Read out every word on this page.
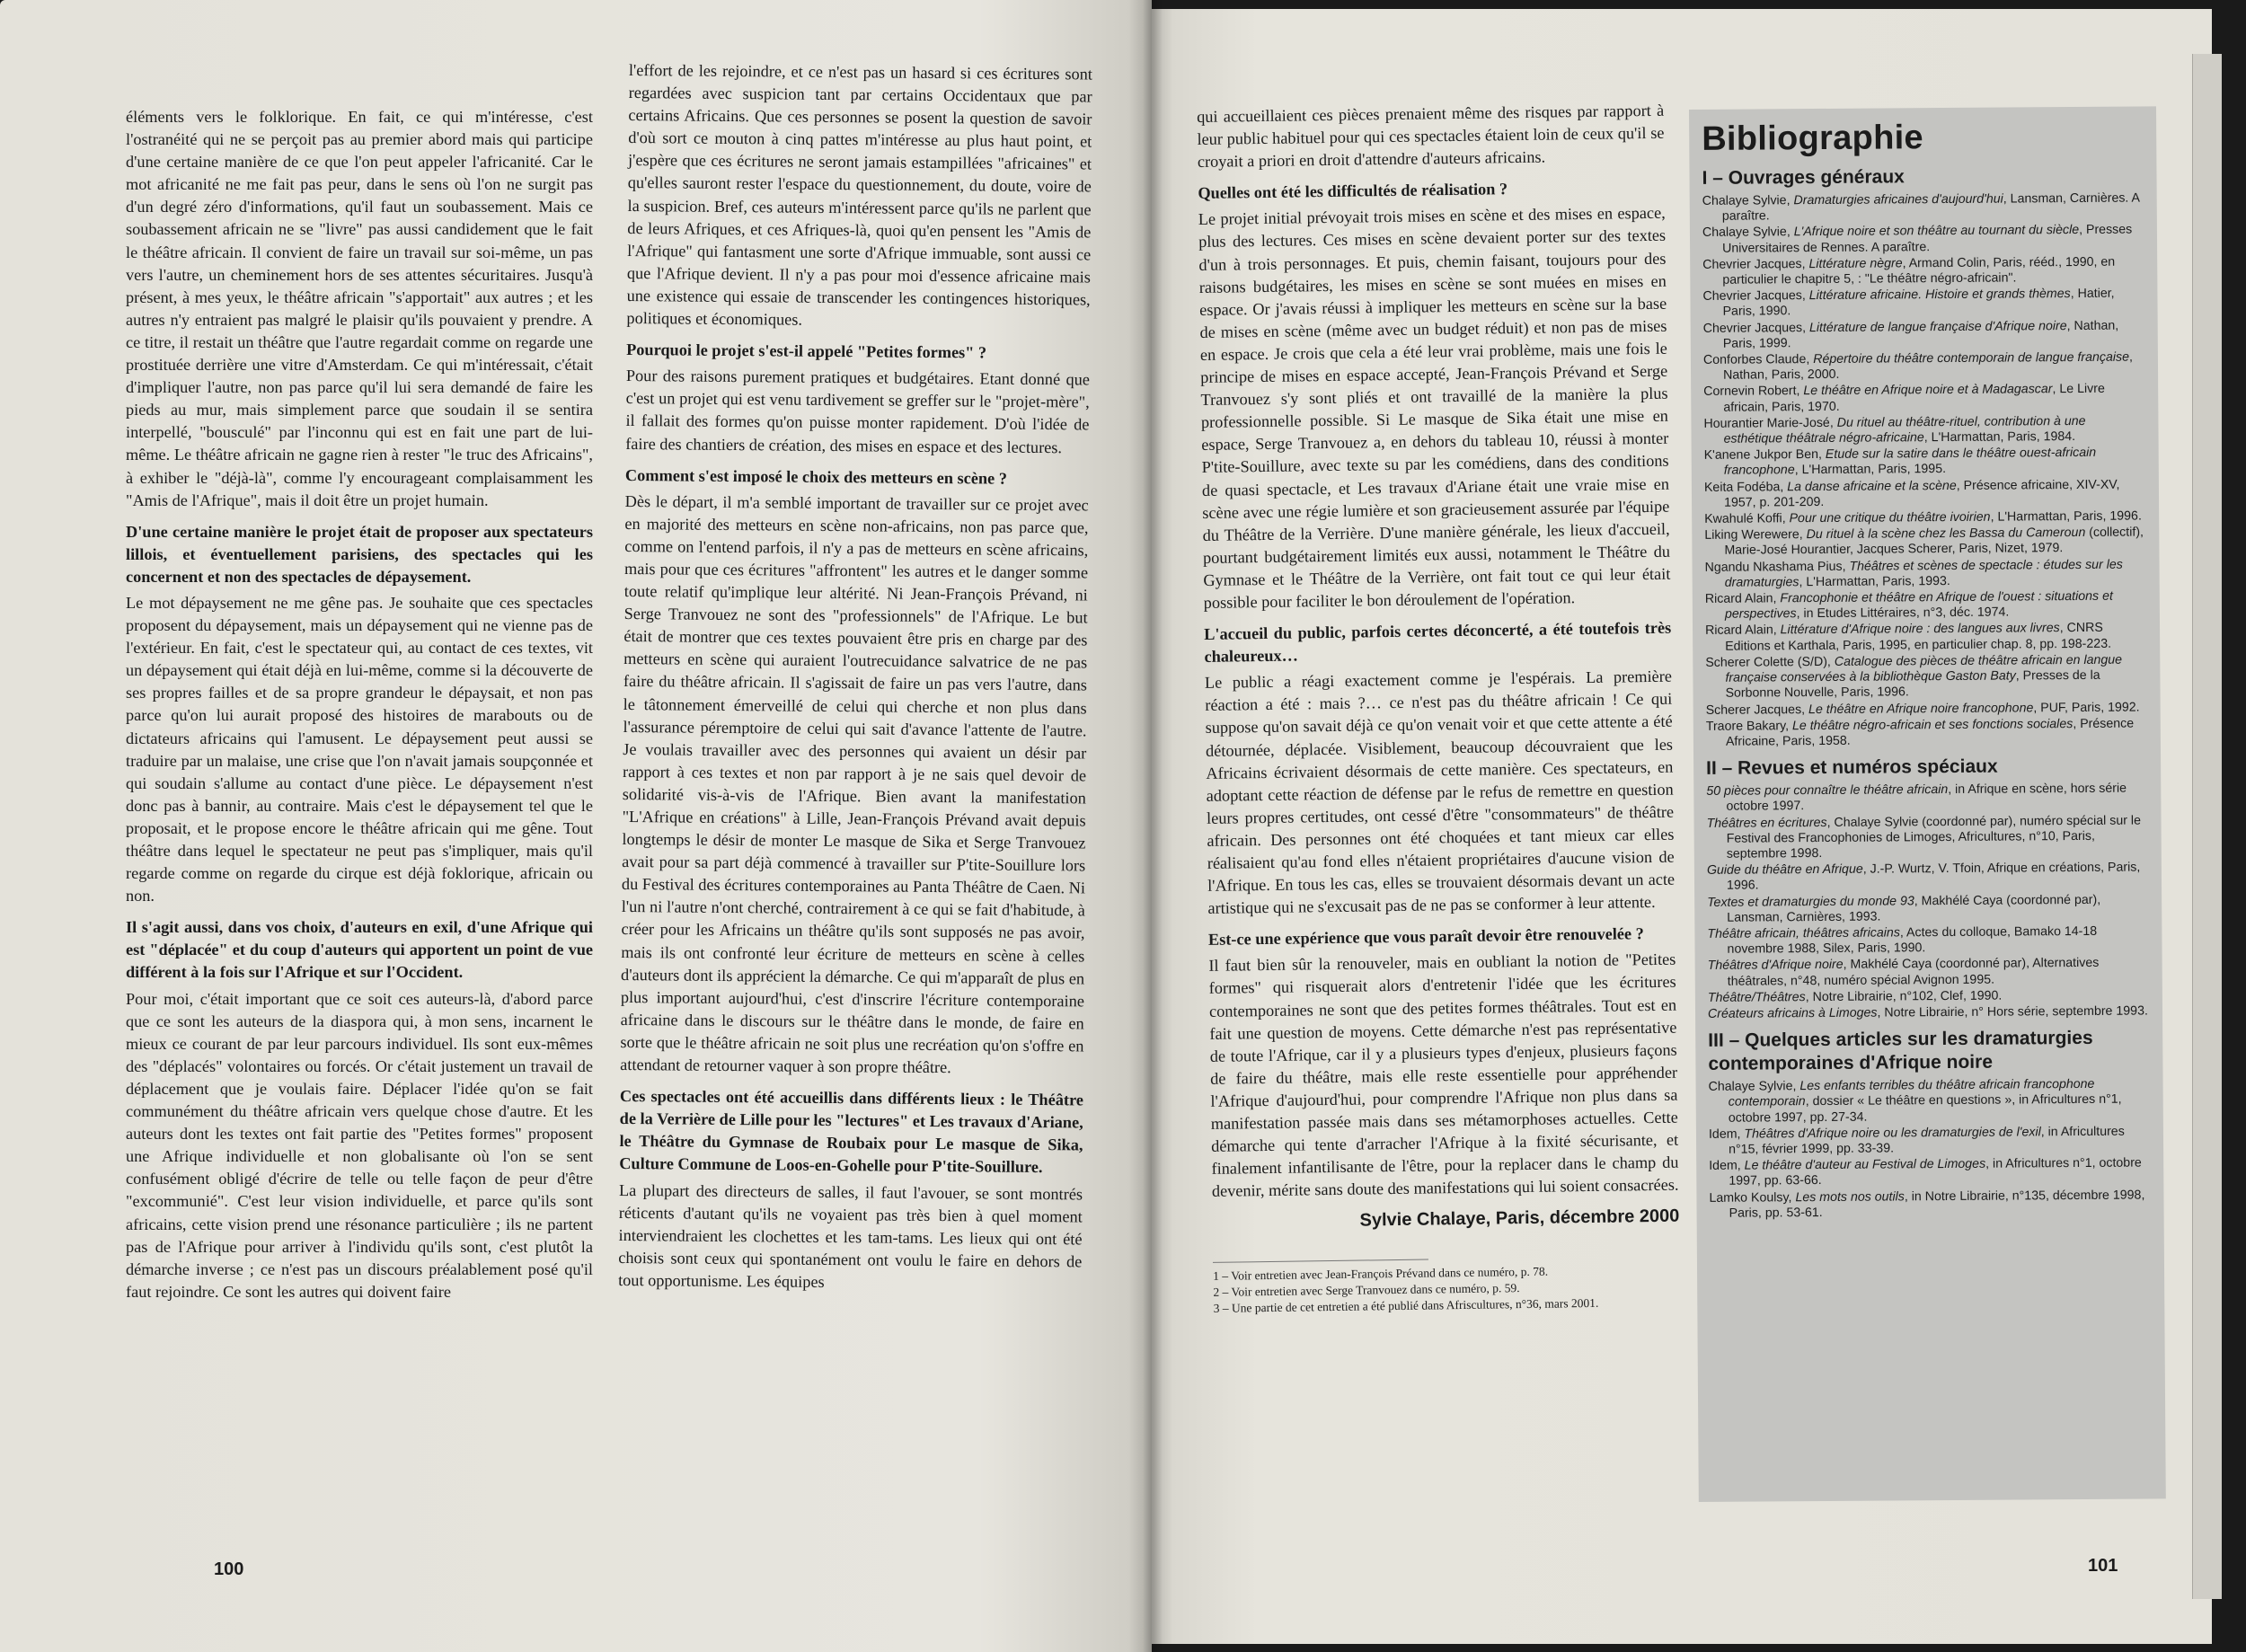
éléments vers le folklorique. En fait, ce qui m'intéresse, c'est l'ostranéité qui ne se perçoit pas au premier abord mais qui participe d'une certaine manière de ce que l'on peut appeler l'africanité. Car le mot africanité ne me fait pas peur, dans le sens où l'on ne surgit pas d'un degré zéro d'informations, qu'il faut un soubassement. Mais ce soubassement africain ne se "livre" pas aussi candidement que le fait le théâtre africain. Il convient de faire un travail sur soi-même, un pas vers l'autre, un cheminement hors de ses attentes sécuritaires. Jusqu'à présent, à mes yeux, le théâtre africain "s'apportait" aux autres ; et les autres n'y entraient pas malgré le plaisir qu'ils pouvaient y prendre. A ce titre, il restait un théâtre que l'autre regardait comme on regarde une prostituée derrière une vitre d'Amsterdam. Ce qui m'intéressait, c'était d'impliquer l'autre, non pas parce qu'il lui sera demandé de faire les pieds au mur, mais simplement parce que soudain il se sentira interpellé, "bousculé" par l'inconnu qui est en fait une part de lui-même. Le théâtre africain ne gagne rien à rester "le truc des Africains", à exhiber le "déjà-là", comme l'y encourageant complaisamment les "Amis de l'Afrique", mais il doit être un projet humain.

D'une certaine manière le projet était de proposer aux spectateurs lillois, et éventuellement parisiens, des spectacles qui les concernent et non des spectacles de dépaysement.

Le mot dépaysement ne me gêne pas. Je souhaite que ces spectacles proposent du dépaysement, mais un dépaysement qui ne vienne pas de l'extérieur. En fait, c'est le spectateur qui, au contact de ces textes, vit un dépaysement qui était déjà en lui-même, comme si la découverte de ses propres failles et de sa propre grandeur le dépaysait, et non pas parce qu'on lui aurait proposé des histoires de marabouts ou de dictateurs africains qui l'amusent. Le dépaysement peut aussi se traduire par un malaise, une crise que l'on n'avait jamais soupçonnée et qui soudain s'allume au contact d'une pièce. Le dépaysement n'est donc pas à bannir, au contraire. Mais c'est le dépaysement tel que le proposait, et le propose encore le théâtre africain qui me gêne. Tout théâtre dans lequel le spectateur ne peut pas s'impliquer, mais qu'il regarde comme on regarde du cirque est déjà foklorique, africain ou non.

Il s'agit aussi, dans vos choix, d'auteurs en exil, d'une Afrique qui est "déplacée" et du coup d'auteurs qui apportent un point de vue différent à la fois sur l'Afrique et sur l'Occident.

Pour moi, c'était important que ce soit ces auteurs-là, d'abord parce que ce sont les auteurs de la diaspora qui, à mon sens, incarnent le mieux ce courant de par leur parcours individuel. Ils sont eux-mêmes des "déplacés" volontaires ou forcés. Or c'était justement un travail de déplacement que je voulais faire. Déplacer l'idée qu'on se fait communément du théâtre africain vers quelque chose d'autre. Et les auteurs dont les textes ont fait partie des "Petites formes" proposent une Afrique individuelle et non globalisante où l'on se sent confusément obligé d'écrire de telle ou telle façon de peur d'être "excommunié". C'est leur vision individuelle, et parce qu'ils sont africains, cette vision prend une résonance particulière ; ils ne partent pas de l'Afrique pour arriver à l'individu qu'ils sont, c'est plutôt la démarche inverse ; ce n'est pas un discours préalablement posé qu'il faut rejoindre. Ce sont les autres qui doivent faire

l'effort de les rejoindre, et ce n'est pas un hasard si ces écritures sont regardées avec suspicion tant par certains Occidentaux que par certains Africains. Que ces personnes se posent la question de savoir d'où sort ce mouton à cinq pattes m'intéresse au plus haut point, et j'espère que ces écritures ne seront jamais estampillées "africaines" et qu'elles sauront rester l'espace du questionnement, du doute, voire de la suspicion. Bref, ces auteurs m'intéressent parce qu'ils ne parlent que de leurs Afriques, et ces Afriques-là, quoi qu'en pensent les "Amis de l'Afrique" qui fantasment une sorte d'Afrique immuable, sont aussi ce que l'Afrique devient. Il n'y a pas pour moi d'essence africaine mais une existence qui essaie de transcender les contingences historiques, politiques et économiques.

Pourquoi le projet s'est-il appelé "Petites formes" ?

Pour des raisons purement pratiques et budgétaires. Etant donné que c'est un projet qui est venu tardivement se greffer sur le "projet-mère", il fallait des formes qu'on puisse monter rapidement. D'où l'idée de faire des chantiers de création, des mises en espace et des lectures.

Comment s'est imposé le choix des metteurs en scène ?

Dès le départ, il m'a semblé important de travailler sur ce projet avec en majorité des metteurs en scène non-africains, non pas parce que, comme on l'entend parfois, il n'y a pas de metteurs en scène africains, mais pour que ces écritures "affrontent" les autres et le danger somme toute relatif qu'implique leur altérité. Ni Jean-François Prévand, ni Serge Tranvouez ne sont des "professionnels" de l'Afrique. Le but était de montrer que ces textes pouvaient être pris en charge par des metteurs en scène qui auraient l'outrecuidance salvatrice de ne pas faire du théâtre africain. Il s'agissait de faire un pas vers l'autre, dans le tâtonnement émerveillé de celui qui cherche et non plus dans l'assurance péremptoire de celui qui sait d'avance l'attente de l'autre. Je voulais travailler avec des personnes qui avaient un désir par rapport à ces textes et non par rapport à je ne sais quel devoir de solidarité vis-à-vis de l'Afrique. Bien avant la manifestation "L'Afrique en créations" à Lille, Jean-François Prévand avait depuis longtemps le désir de monter Le masque de Sika et Serge Tranvouez avait pour sa part déjà commencé à travailler sur P'tite-Souillure lors du Festival des écritures contemporaines au Panta Théâtre de Caen. Ni l'un ni l'autre n'ont cherché, contrairement à ce qui se fait d'habitude, à créer pour les Africains un théâtre qu'ils sont supposés ne pas avoir, mais ils ont confronté leur écriture de metteurs en scène à celles d'auteurs dont ils apprécient la démarche. Ce qui m'apparaît de plus en plus important aujourd'hui, c'est d'inscrire l'écriture contemporaine africaine dans le discours sur le théâtre dans le monde, de faire en sorte que le théâtre africain ne soit plus une recréation qu'on s'offre en attendant de retourner vaquer à son propre théâtre.

Ces spectacles ont été accueillis dans différents lieux : le Théâtre de la Verrière de Lille pour les "lectures" et Les travaux d'Ariane, le Théâtre du Gymnase de Roubaix pour Le masque de Sika, Culture Commune de Loos-en-Gohelle pour P'tite-Souillure.

La plupart des directeurs de salles, il faut l'avouer, se sont montrés réticents d'autant qu'ils ne voyaient pas très bien à quel moment interviendraient les clochettes et les tam-tams. Les lieux qui ont été choisis sont ceux qui spontanément ont voulu le faire en dehors de tout opportunisme. Les équipes

100

qui accueillaient ces pièces prenaient même des risques par rapport à leur public habituel pour qui ces spectacles étaient loin de ceux qu'il se croyait a priori en droit d'attendre d'auteurs africains.

Quelles ont été les difficultés de réalisation ?

Le projet initial prévoyait trois mises en scène et des mises en espace, plus des lectures. Ces mises en scène devaient porter sur des textes d'un à trois personnages. Et puis, chemin faisant, toujours pour des raisons budgétaires, les mises en scène se sont muées en mises en espace. Or j'avais réussi à impliquer les metteurs en scène sur la base de mises en scène (même avec un budget réduit) et non pas de mises en espace. Je crois que cela a été leur vrai problème, mais une fois le principe de mises en espace accepté, Jean-François Prévand et Serge Tranvouez s'y sont pliés et ont travaillé de la manière la plus professionnelle possible. Si Le masque de Sika était une mise en espace, Serge Tranvouez a, en dehors du tableau 10, réussi à monter P'tite-Souillure, avec texte su par les comédiens, dans des conditions de quasi spectacle, et Les travaux d'Ariane était une vraie mise en scène avec une régie lumière et son gracieusement assurée par l'équipe du Théâtre de la Verrière. D'une manière générale, les lieux d'accueil, pourtant budgétairement limités eux aussi, notamment le Théâtre du Gymnase et le Théâtre de la Verrière, ont fait tout ce qui leur était possible pour faciliter le bon déroulement de l'opération.

L'accueil du public, parfois certes déconcerté, a été toutefois très chaleureux…

Le public a réagi exactement comme je l'espérais. La première réaction a été : mais ?… ce n'est pas du théâtre africain ! Ce qui suppose qu'on savait déjà ce qu'on venait voir et que cette attente a été détournée, déplacée. Visiblement, beaucoup découvraient que les Africains écrivaient désormais de cette manière. Ces spectateurs, en adoptant cette réaction de défense par le refus de remettre en question leurs propres certitudes, ont cessé d'être "consommateurs" de théâtre africain. Des personnes ont été choquées et tant mieux car elles réalisaient qu'au fond elles n'étaient propriétaires d'aucune vision de l'Afrique. En tous les cas, elles se trouvaient désormais devant un acte artistique qui ne s'excusait pas de ne pas se conformer à leur attente.

Est-ce une expérience que vous paraît devoir être renouvelée ?

Il faut bien sûr la renouveler, mais en oubliant la notion de "Petites formes" qui risquerait alors d'entretenir l'idée que les écritures contemporaines ne sont que des petites formes théâtrales. Tout est en fait une question de moyens. Cette démarche n'est pas représentative de toute l'Afrique, car il y a plusieurs types d'enjeux, plusieurs façons de faire du théâtre, mais elle reste essentielle pour appréhender l'Afrique d'aujourd'hui, pour comprendre l'Afrique non plus dans sa manifestation passée mais dans ses métamorphoses actuelles. Cette démarche qui tente d'arracher l'Afrique à la fixité sécurisante, et finalement infantilisante de l'être, pour la replacer dans le champ du devenir, mérite sans doute des manifestations qui lui soient consacrées.

Sylvie Chalaye, Paris, décembre 2000

1 – Voir entretien avec Jean-François Prévand dans ce numéro, p. 78.

2 – Voir entretien avec Serge Tranvouez dans ce numéro, p. 59.

3 – Une partie de cet entretien a été publié dans Afriscultures, n°36, mars 2001.

Bibliographie
I – Ouvrages généraux

Chalaye Sylvie, Dramaturgies africaines d'aujourd'hui, Lansman, Carnières. A paraître.

Chalaye Sylvie, L'Afrique noire et son théâtre au tournant du siècle, Presses Universitaires de Rennes. A paraître.

Chevrier Jacques, Littérature nègre, Armand Colin, Paris, rééd., 1990, en particulier le chapitre 5, : "Le théâtre négro-africain".

Chevrier Jacques, Littérature africaine. Histoire et grands thèmes, Hatier, Paris, 1990.

Chevrier Jacques, Littérature de langue française d'Afrique noire, Nathan, Paris, 1999.

Conforbes Claude, Répertoire du théâtre contemporain de langue française, Nathan, Paris, 2000.

Cornevin Robert, Le théâtre en Afrique noire et à Madagascar, Le Livre africain, Paris, 1970.

Hourantier Marie-José, Du rituel au théâtre-rituel, contribution à une esthétique théâtrale négro-africaine, L'Harmattan, Paris, 1984.

K'anene Jukpor Ben, Etude sur la satire dans le théâtre ouest-africain francophone, L'Harmattan, Paris, 1995.

Keita Fodéba, La danse africaine et la scène, Présence africaine, XIV-XV, 1957, p. 201-209.

Kwahulé Koffi, Pour une critique du théâtre ivoirien, L'Harmattan, Paris, 1996.

Liking Werewere, Du rituel à la scène chez les Bassa du Cameroun (collectif), Marie-José Hourantier, Jacques Scherer, Paris, Nizet, 1979.

Ngandu Nkashama Pius, Théâtres et scènes de spectacle : études sur les dramaturgies, L'Harmattan, Paris, 1993.

Ricard Alain, Francophonie et théâtre en Afrique de l'ouest : situations et perspectives, in Etudes Littéraires, n°3, déc. 1974.

Ricard Alain, Littérature d'Afrique noire : des langues aux livres, CNRS Editions et Karthala, Paris, 1995, en particulier chap. 8, pp. 198-223.

Scherer Colette (S/D), Catalogue des pièces de théâtre africain en langue française conservées à la bibliothèque Gaston Baty, Presses de la Sorbonne Nouvelle, Paris, 1996.

Scherer Jacques, Le théâtre en Afrique noire francophone, PUF, Paris, 1992.

Traore Bakary, Le théâtre négro-africain et ses fonctions sociales, Présence Africaine, Paris, 1958.

II – Revues et numéros spéciaux

50 pièces pour connaître le théâtre africain, in Afrique en scène, hors série octobre 1997.

Théâtres en écritures, Chalaye Sylvie (coordonné par), numéro spécial sur le Festival des Francophonies de Limoges, Africultures, n°10, Paris, septembre 1998.

Guide du théâtre en Afrique, J.-P. Wurtz, V. Tfoin, Afrique en créations, Paris, 1996.

Textes et dramaturgies du monde 93, Makhélé Caya (coordonné par), Lansman, Carnières, 1993.

Théâtre africain, théâtres africains, Actes du colloque, Bamako 14-18 novembre 1988, Silex, Paris, 1990.

Théâtres d'Afrique noire, Makhélé Caya (coordonné par), Alternatives théâtrales, n°48, numéro spécial Avignon 1995.

Théâtre/Théâtres, Notre Librairie, n°102, Clef, 1990.

Créateurs africains à Limoges, Notre Librairie, n° Hors série, septembre 1993.

III – Quelques articles sur les dramaturgies contemporaines d'Afrique noire

Chalaye Sylvie, Les enfants terribles du théâtre africain francophone contemporain, dossier « Le théâtre en questions », in Africultures n°1, octobre 1997, pp. 27-34.

Idem, Théâtres d'Afrique noire ou les dramaturgies de l'exil, in Africultures n°15, février 1999, pp. 33-39.

Idem, Le théâtre d'auteur au Festival de Limoges, in Africultures n°1, octobre 1997, pp. 63-66.

Lamko Koulsy, Les mots nos outils, in Notre Librairie, n°135, décembre 1998, Paris, pp. 53-61.

101
